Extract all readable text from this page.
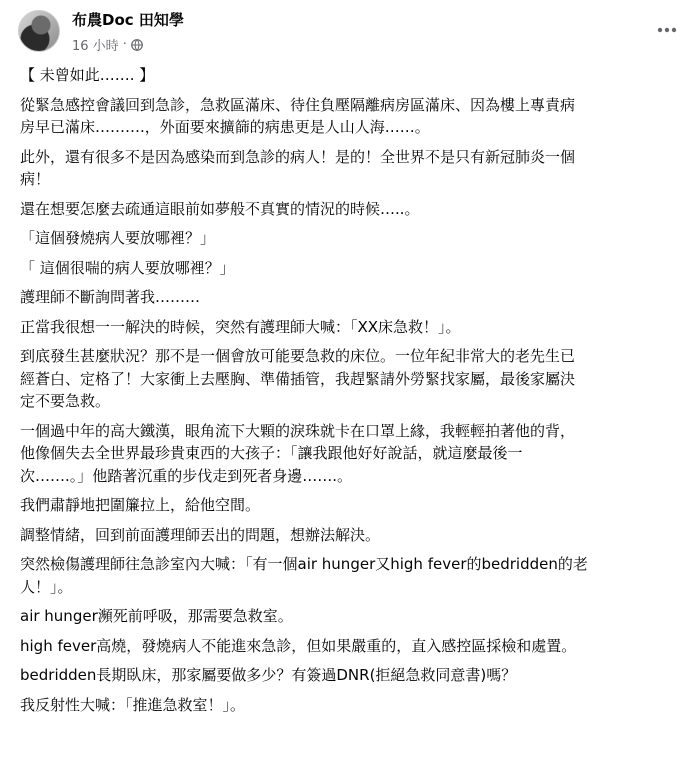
布農Doc 田知學
16 小時 ·

【 未曾如此……. 】

從緊急感控會議回到急診，急救區滿床、待住負壓隔離病房區滿床、因為樓上專責病
房早已滿床……….，外面要來擴篩的病患更是人山人海……。

此外，還有很多不是因為感染而到急診的病人！是的！全世界不是只有新冠肺炎一個
病！

還在想要怎麼去疏通這眼前如夢般不真實的情況的時候…..。

「這個發燒病人要放哪裡？」

「 這個很喘的病人要放哪裡？」

護理師不斷詢問著我………

正當我很想一一解決的時候，突然有護理師大喊：「XX床急救！」。

到底發生甚麼狀況？那不是一個會放可能要急救的床位。一位年紀非常大的老先生已
經蒼白、定格了！大家衝上去壓胸、準備插管，我趕緊請外勞緊找家屬，最後家屬決
定不要急救。

一個過中年的高大鐵漢，眼角流下大顆的淚珠就卡在口罩上緣，我輕輕拍著他的背，
他像個失去全世界最珍貴東西的大孩子：「讓我跟他好好說話，就這麼最後一
次…….。」他踏著沉重的步伐走到死者身邊…….。

我們肅靜地把圍簾拉上，給他空間。

調整情緒，回到前面護理師丟出的問題，想辦法解決。

突然檢傷護理師往急診室內大喊：「有一個air hunger又high fever的bedridden的老
人！」。

air hunger瀕死前呼吸，那需要急救室。

high fever高燒，發燒病人不能進來急診，但如果嚴重的，直入感控區採檢和處置。

bedridden長期臥床，那家屬要做多少？有簽過DNR(拒絕急救同意書)嗎？

我反射性大喊：「推進急救室！」。
